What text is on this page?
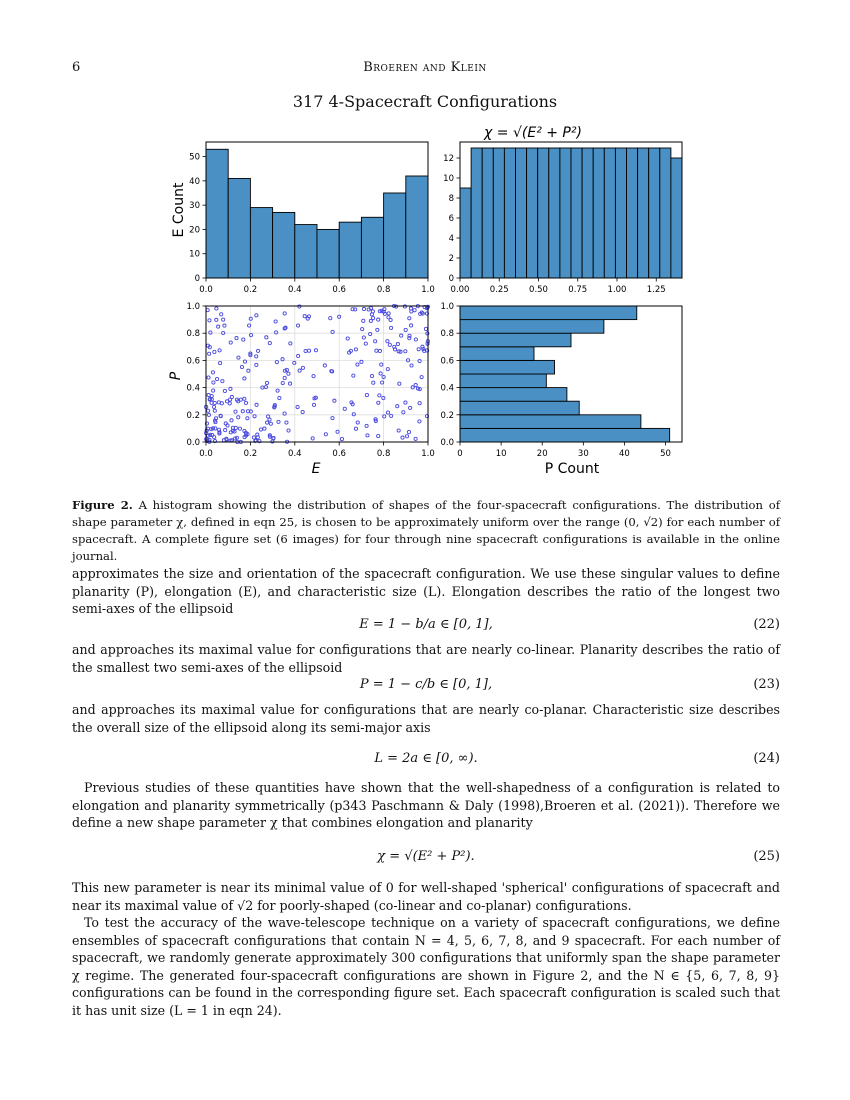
6	Broeren and Klein
317 4-Spacecraft Configurations
0.0	0.2	0.4	0.6	0.8	1.0
0
10
20
30
40
50
0.00 0.25 0.50 0.75 1.00 1.25
0
2
4
6
8
10
12
0.0	0.2	0.4	0.6	0.8	1.0
0.0
0.2
0.4
0.6
0.8
1.0
0	10	20	30	40	50
0.0
0.2
0.4
0.6
0.8
1.0
χ = √(E² + P²)
E Count
P
E	P Count
Figure 2. A histogram showing the distribution of shapes of the four-spacecraft configurations. The distribution of shape parameter χ, defined in eqn 25, is chosen to be approximately uniform over the range (0, √2) for each number of spacecraft. A complete figure set (6 images) for four through nine spacecraft configurations is available in the online journal.
approximates the size and orientation of the spacecraft configuration. We use these singular values to define planarity (P), elongation (E), and characteristic size (L). Elongation describes the ratio of the longest two semi-axes of the ellipsoid
E = 1 − b/a ∈ [0, 1],	(22)
and approaches its maximal value for configurations that are nearly co-linear. Planarity describes the ratio of the smallest two semi-axes of the ellipsoid
P = 1 − c/b ∈ [0, 1],	(23)
and approaches its maximal value for configurations that are nearly co-planar. Characteristic size describes the overall size of the ellipsoid along its semi-major axis
L = 2a ∈ [0, ∞).	(24)
Previous studies of these quantities have shown that the well-shapedness of a configuration is related to elongation and planarity symmetrically (p343 Paschmann & Daly (1998),Broeren et al. (2021)). Therefore we define a new shape parameter χ that combines elongation and planarity
χ = √(E² + P²).	(25)
This new parameter is near its minimal value of 0 for well-shaped 'spherical' configurations of spacecraft and near its maximal value of √2 for poorly-shaped (co-linear and co-planar) configurations.
To test the accuracy of the wave-telescope technique on a variety of spacecraft configurations, we define ensembles of spacecraft configurations that contain N = 4, 5, 6, 7, 8, and 9 spacecraft. For each number of spacecraft, we randomly generate approximately 300 configurations that uniformly span the shape parameter χ regime. The generated four-spacecraft configurations are shown in Figure 2, and the N ∈ {5, 6, 7, 8, 9} configurations can be found in the corresponding figure set. Each spacecraft configuration is scaled such that it has unit size (L = 1 in eqn 24).
